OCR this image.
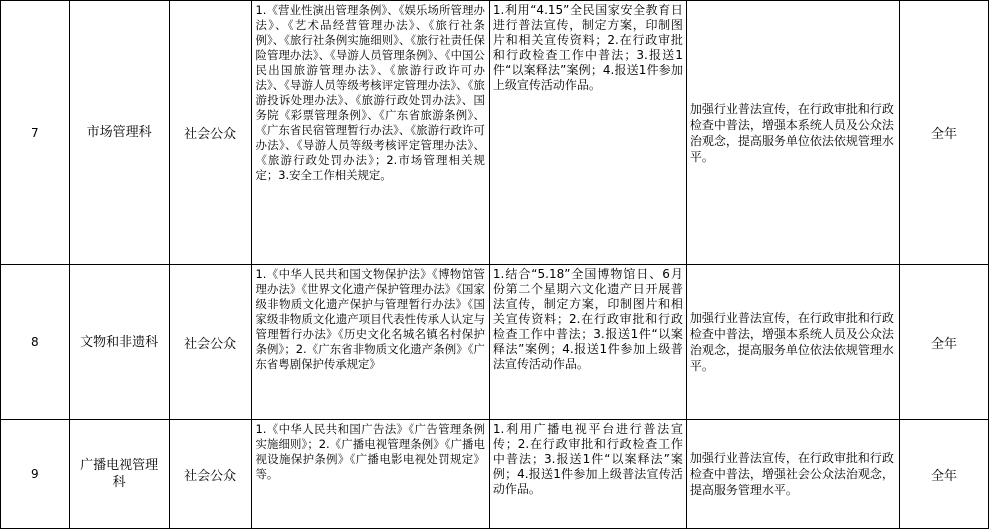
7	市场管理科	社会公众	1.《营业性演出管理条例》、《娱乐场所管理办法》、《艺术品经营管理办法》、《旅行社条例》、《旅行社条例实施细则》、《旅行社责任保险管理办法》、《导游人员管理条例》、《中国公民出国旅游管理办法》、《旅游行政许可办法》、《导游人员等级考核评定管理办法》、《旅游投诉处理办法》、《旅游行政处罚办法》、国务院《彩票管理条例》、《广东省旅游条例》、《广东省民宿管理暂行办法》、《旅游行政许可办法》、《导游人员等级考核评定管理办法》、《旅游行政处罚办法》；2.市场管理相关规定；3.安全工作相关规定。	1.利用“4.15”全民国家安全教育日进行普法宣传，制定方案，印制图片和相关宣传资料；2.在行政审批和行政检查工作中普法；3.报送1件“以案释法”案例；4.报送1件参加上级宣传活动作品。	加强行业普法宣传，在行政审批和行政检查中普法，增强本系统人员及公众法治观念，提高服务单位依法依规管理水平。	全年
8	文物和非遗科	社会公众	1.《中华人民共和国文物保护法》《博物馆管理办法》《世界文化遗产保护管理办法》《国家级非物质文化遗产保护与管理暂行办法》《国家级非物质文化遗产项目代表性传承人认定与管理暂行办法》《历史文化名城名镇名村保护条例》；2.《广东省非物质文化遗产条例》《广东省粤剧保护传承规定》	1.结合“5.18”全国博物馆日、6月份第二个星期六文化遗产日开展普法宣传，制定方案，印制图片和相关宣传资料；2.在行政审批和行政检查工作中普法；3.报送1件“以案释法”案例；4.报送1件参加上级普法宣传活动作品。	加强行业普法宣传，在行政审批和行政检查中普法，增强本系统人员及公众法治观念，提高服务单位依法依规管理水平。	全年
9	广播电视管理科	社会公众	1.《中华人民共和国广告法》《广告管理条例实施细则》；2.《广播电视管理条例》《广播电视设施保护条例》《广播电影电视处罚规定》等。	1.利用广播电视平台进行普法宣传；2.在行政审批和行政检查工作中普法；3.报送1件“以案释法”案例；4.报送1件参加上级普法宣传活动作品。	加强行业普法宣传，在行政审批和行政检查中普法，增强社会公众法治观念，提高服务管理水平。	全年
